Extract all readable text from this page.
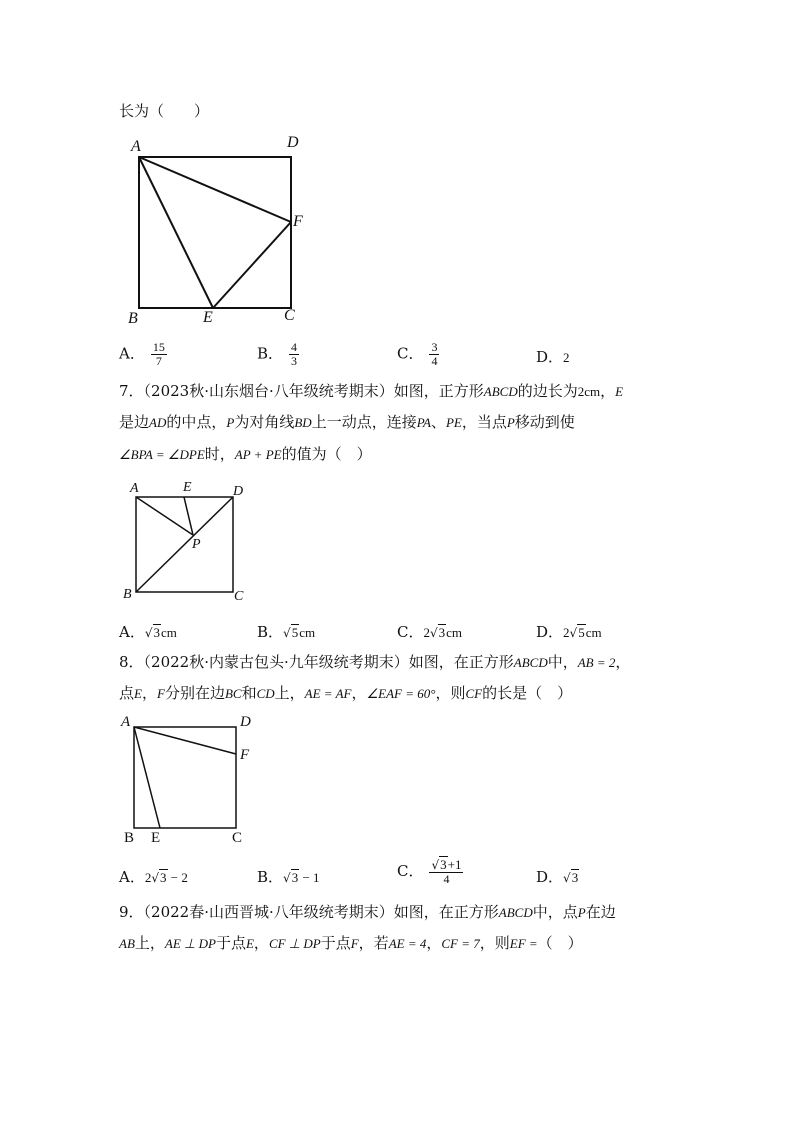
长为（　　）
A	D
F
B	E	C
A． $\frac{15}{7}$	B． $\frac{4}{3}$	C． $\frac{3}{4}$	D．2
7．（2023秋·山东烟台·八年级统考期末）如图，正方形ABCD的边长为2cm，E
是边AD的中点，P为对角线BD上一动点，连接PA、PE，当点P移动到使
∠BPA = ∠DPE时，AP + PE的值为（　）
A	E	D
P
B	C
A．√3cm	B．√5cm	C．2√3cm	D．2√5cm
8．（2022秋·内蒙古包头·九年级统考期末）如图，在正方形ABCD中，AB = 2，
点E，F分别在边BC和CD上，AE = AF，∠EAF = 60°，则CF的长是（　）
A	D
F
B E	C
A．2√3 − 2	B．√3 − 1	C． $\frac{√3+1}{4}$	D．√3
9．（2022春·山西晋城·八年级统考期末）如图，在正方形ABCD中，点P在边
AB上，AE ⊥ DP于点E，CF ⊥ DP于点F，若AE = 4，CF = 7，则EF =（　）
